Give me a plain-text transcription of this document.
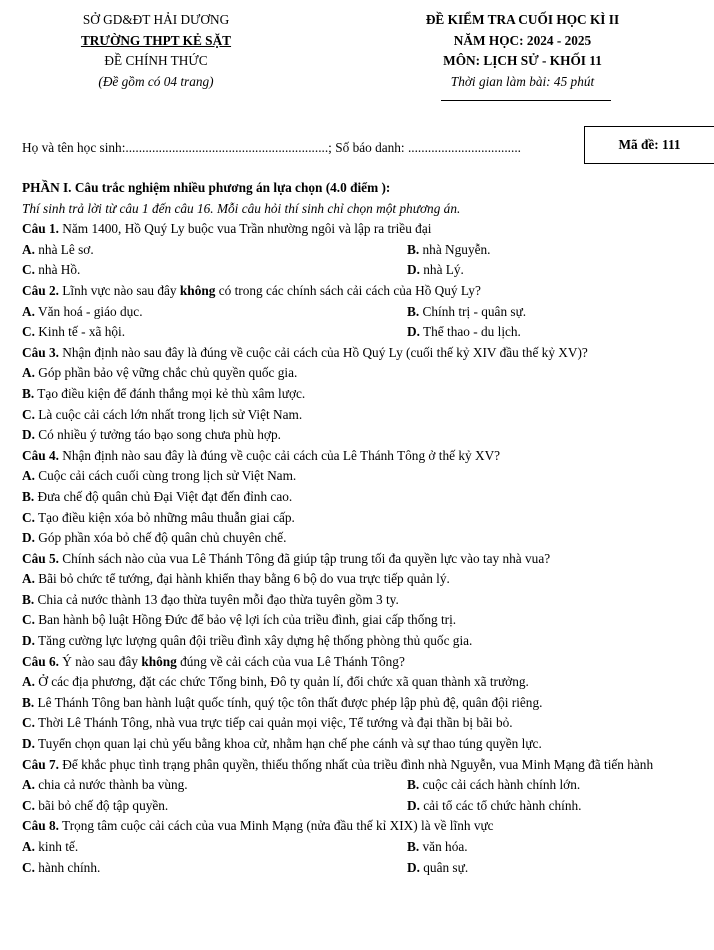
SỞ GD&ĐT HẢI DƯƠNG
TRƯỜNG THPT KẺ SẶT
ĐỀ CHÍNH THỨC
(Đề gồm có 04 trang)
ĐỀ KIỂM TRA CUỐI HỌC KÌ II
NĂM HỌC: 2024 - 2025
MÔN: LỊCH SỬ - KHỐI 11
Thời gian làm bài: 45 phút
Họ và tên học sinh:.............................................................; Số báo danh: ..................................	Mã đề: 111
PHẦN I. Câu trắc nghiệm nhiều phương án lựa chọn (4.0 điểm ):
Thí sinh trả lời từ câu 1 đến câu 16. Mỗi câu hỏi thí sinh chỉ chọn một phương án.
Câu 1. Năm 1400, Hồ Quý Ly buộc vua Trần nhường ngôi và lập ra triều đại
A. nhà Lê sơ.	B. nhà Nguyễn.
C. nhà Hồ.	D. nhà Lý.
Câu 2. Lĩnh vực nào sau đây không có trong các chính sách cải cách của Hồ Quý Ly?
A. Văn hoá - giáo dục.	B. Chính trị - quân sự.
C. Kinh tế - xã hội.	D. Thể thao - du lịch.
Câu 3. Nhận định nào sau đây là đúng về cuộc cải cách của Hồ Quý Ly (cuối thế kỷ XIV đầu thế kỷ XV)?
A. Góp phần bảo vệ vững chắc chủ quyền quốc gia.
B. Tạo điều kiện để đánh thắng mọi kẻ thù xâm lược.
C. Là cuộc cải cách lớn nhất trong lịch sử Việt Nam.
D. Có nhiều ý tưởng táo bạo song chưa phù hợp.
Câu 4. Nhận định nào sau đây là đúng về cuộc cải cách của Lê Thánh Tông ở thế kỷ XV?
A. Cuộc cải cách cuối cùng trong lịch sử Việt Nam.
B. Đưa chế độ quân chủ Đại Việt đạt đến đỉnh cao.
C. Tạo điều kiện xóa bỏ những mâu thuẫn giai cấp.
D. Góp phần xóa bỏ chế độ quân chủ chuyên chế.
Câu 5. Chính sách nào của vua Lê Thánh Tông đã giúp tập trung tối đa quyền lực vào tay nhà vua?
A. Bãi bỏ chức tể tướng, đại hành khiển thay bằng 6 bộ do vua trực tiếp quản lý.
B. Chia cả nước thành 13 đạo thừa tuyên mỗi đạo thừa tuyên gồm 3 ty.
C. Ban hành bộ luật Hồng Đức để bảo vệ lợi ích của triều đình, giai cấp thống trị.
D. Tăng cường lực lượng quân đội triều đình xây dựng hệ thống phòng thủ quốc gia.
Câu 6. Ý nào sau đây không đúng về cải cách của vua Lê Thánh Tông?
A. Ở các địa phương, đặt các chức Tổng binh, Đô ty quản lí, đổi chức xã quan thành xã trưởng.
B. Lê Thánh Tông ban hành luật quốc tính, quý tộc tôn thất được phép lập phủ đệ, quân đội riêng.
C. Thời Lê Thánh Tông, nhà vua trực tiếp cai quản mọi việc, Tể tướng và đại thần bị bãi bỏ.
D. Tuyển chọn quan lại chủ yếu bằng khoa cử, nhằm hạn chế phe cánh và sự thao túng quyền lực.
Câu 7. Để khắc phục tình trạng phân quyền, thiếu thống nhất của triều đình nhà Nguyễn, vua Minh Mạng đã tiến hành
A. chia cả nước thành ba vùng.	B. cuộc cải cách hành chính lớn.
C. bãi bỏ chế độ tập quyền.	D. cải tổ các tổ chức hành chính.
Câu 8. Trọng tâm cuộc cải cách của vua Minh Mạng (nửa đầu thế kỉ XIX) là về lĩnh vực
A. kinh tế.	B. văn hóa.
C. hành chính.	D. quân sự.
